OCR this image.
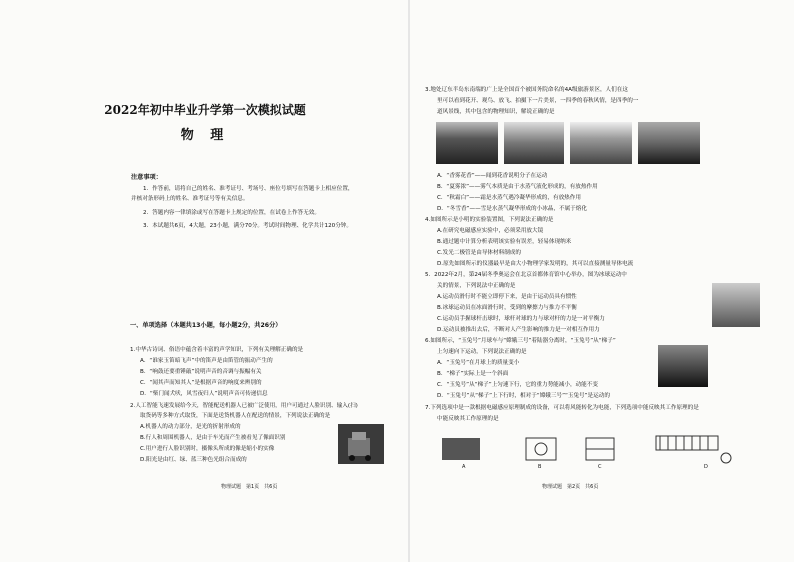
2022年初中毕业升学第一次模拟试题
物 理
注意事项：
1．作答前，请将自己的姓名、准考证号、考场号、座位号填写在答题卡上相应位置，
并核对条形码上的姓名、准考证号等有关信息。
2．答题内容一律填涂或写在答题卡上规定的位置，在试卷上作答无效。
3．本试题共6页，4大题，23小题，满分70分。考试时间物理、化学共计120分钟。
一、单项选择（本题共13小题，每小题2分，共26分）
1.中华古诗词、俗语中蕴含着丰富的声学知识，下列有关理解正确的是
A．“谁家玉笛暗飞声”中的笛声是由笛管的振动产生的
B．“响鼓还要重锤敲”说明声音的音调与振幅有关
C．“闻其声而知其人”是根据声音的响度来辨别的
D．“柴门闻犬吠，风雪夜归人”说明声音可传递信息
2.人工智能飞速发展给今天，智能配送机器人已被广泛使用，用户可通过人脸识别、输入(扫)
取货码等多种方式取货，下面是送货机器人在配送的情景，下列说法正确的是
A.机器人的动力部分，是光的折射形成的
B.行人和周围机器人，是由于车光而产生被看见了像面识别
C.用户进行人脸识别时，摄像头所成的像是缩小的实像
D.阳光是由红、绿、蓝三种色光组合而成的
物理试题　第1页　共6页
3.地处辽东半岛东南端的广上是全国首个被国务院命名的4A级旅游景区，人们在这
里可以看到花开、观鸟、放飞、拍摄下一片美景，一四季的春秋风情，是四季的一
道风景线，其中包含的物理知识，解说正确的是
A．“香雾花香”——闻到花香说明分子在运动
B．“夏雾浓”——雾气本质是由于水蒸气液化形成的，有放热作用
C．“秋霜白”——霜是水蒸气遇冷凝华形成的，有放热作用
D．“冬雪香”——雪是水蒸气凝华形成的小冰晶，不属于熔化
4.如图所示是小明的实验装置图，下列说法正确的是
A.在研究电磁感应实验中，必须采用放大镜
B.通过题中计算分析表明该实验有误差，轻易体现纳米
C.发光二极管是由导体材料制成的
D.原先如图所示的仪器最早是由大小物理学家发明的，其可以直接测量导体电流
5．2022年2月，第24届冬季奥运会在北京首都体育馆中心举办，图为冰球运动中
关的情景，下列说法中正确的是
A.运动员滑行时不能立即停下来，是由于运动员具有惯性
B.冰球运动员在冰面滑行时，受到的摩擦力与推力不平衡
C.运动员手握球杆击球时，球杆对球的力与球对杆的力是一对平衡力
D.运动员被推出去后，不断对人产生影响的推力是一对相互作用力
6.如图所示，“玉兔号”月球车与“嫦娥三号”着陆器分离时，“玉兔号”从“梯子”
上匀速向下运动，下列说法正确的是
A．“玉兔号”在月球上的质量变小
B．“梯子”实际上是一个斜面
C．“玉兔号”从“梯子”上匀速下行，它的重力势能减小，动能不变
D．“玉兔号”从“梯子”上下行时，相对于“嫦娥三号”“玉兔号”是运动的
7.下列选项中是一款根据电磁感应原理制成的设备，可以将风能转化为电能，下列选项中能反映其工作原理的是
中能反映其工作原理的是
A	B	C	D
物理试题　第2页　共6页
